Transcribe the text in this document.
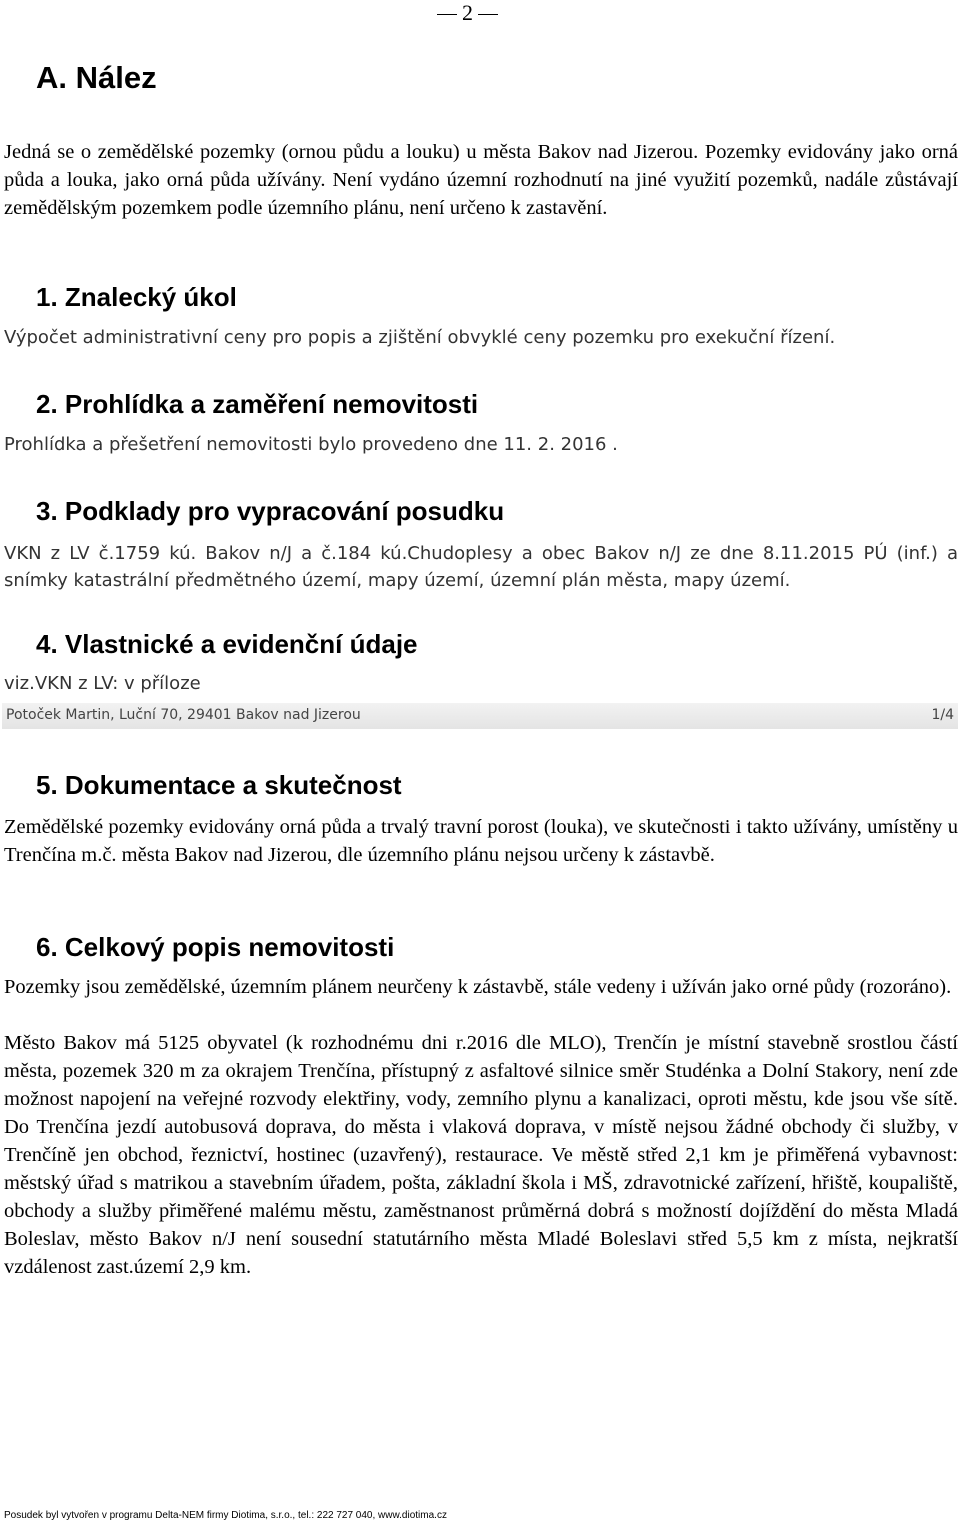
2
A. Nález

Jedná se o zemědělské pozemky (ornou půdu a louku) u města Bakov nad Jizerou. Pozemky evidovány jako orná půda a louka, jako orná půda užívány. Není vydáno územní rozhodnutí na jiné využití pozemků, nadále zůstávají zemědělským pozemkem podle územního plánu, není určeno k zastavění.

1. Znalecký úkol

Výpočet administrativní ceny pro popis a zjištění obvyklé ceny pozemku pro exekuční řízení.

2. Prohlídka a zaměření nemovitosti

Prohlídka a přešetření nemovitosti bylo provedeno dne 11. 2. 2016 .

3. Podklady pro vypracování posudku

VKN z LV č.1759 kú. Bakov n/J a č.184 kú.Chudoplesy a obec Bakov n/J ze dne 8.11.2015 PÚ (inf.) a snímky katastrální předmětného území, mapy území, územní plán města, mapy území.

4. Vlastnické a evidenční údaje

viz.VKN z LV: v příloze

Potoček Martin, Luční 70, 29401 Bakov nad Jizerou	1/4
5. Dokumentace a skutečnost

Zemědělské pozemky evidovány orná půda a trvalý travní porost (louka), ve skutečnosti i takto užívány, umístěny u Trenčína m.č. města Bakov nad Jizerou, dle územního plánu nejsou určeny k zástavbě.

6. Celkový popis nemovitosti

Pozemky jsou zemědělské, územním plánem neurčeny k zástavbě, stále vedeny i užíván jako orné půdy (rozoráno).

Město Bakov má 5125 obyvatel (k rozhodnému dni r.2016 dle MLO), Trenčín je místní stavebně srostlou částí města, pozemek 320 m za okrajem Trenčína, přístupný z asfaltové silnice směr Studénka a Dolní Stakory, není zde možnost napojení na veřejné rozvody elektřiny, vody, zemního plynu a kanalizaci, oproti městu, kde jsou vše sítě. Do Trenčína jezdí autobusová doprava, do města i vlaková doprava, v místě nejsou žádné obchody či služby, v Trenčíně jen obchod, řeznictví, hostinec (uzavřený), restaurace. Ve městě střed 2,1 km je přiměřená vybavnost: městský úřad s matrikou a stavebním úřadem, pošta, základní škola i MŠ, zdravotnické zařízení, hřiště, koupaliště, obchody a služby přiměřené malému městu, zaměstnanost průměrná dobrá s možností dojíždění do města Mladá Boleslav, město Bakov n/J není sousední statutárního města Mladé Boleslavi střed 5,5 km z místa, nejkratší vzdálenost zast.území 2,9 km.

Posudek byl vytvořen v programu Delta-NEM firmy Diotima, s.r.o., tel.: 222 727 040, www.diotima.cz
